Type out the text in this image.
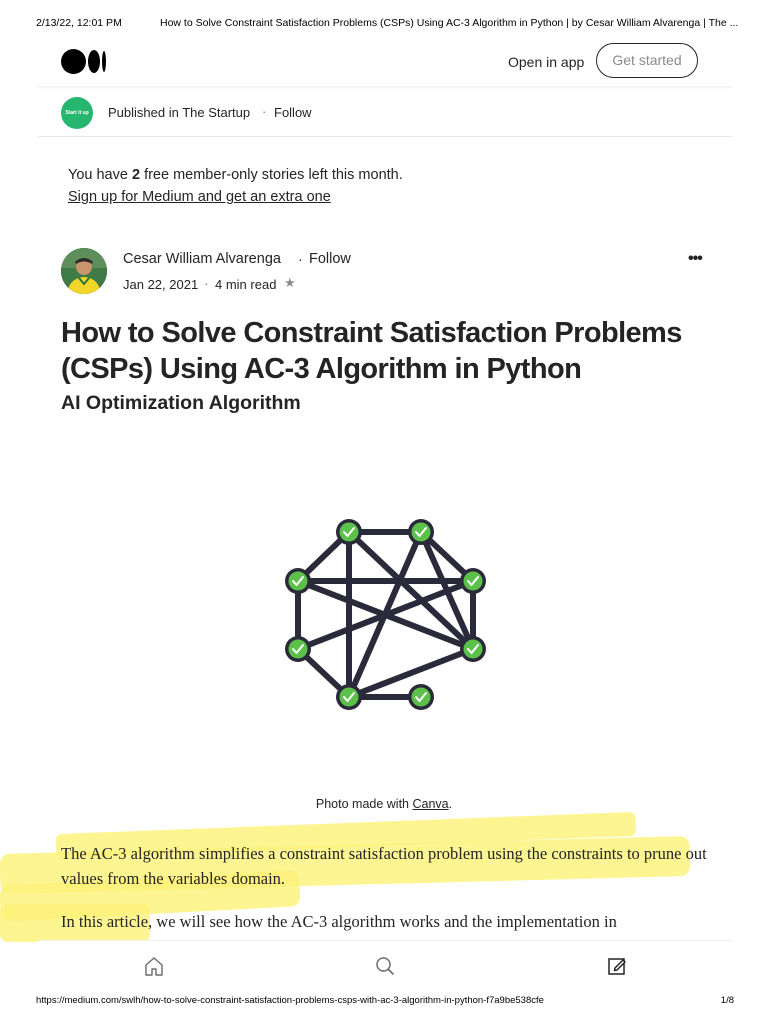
2/13/22, 12:01 PM	How to Solve Constraint Satisfaction Problems (CSPs) Using AC-3 Algorithm in Python | by Cesar William Alvarenga | The ...
Open in app	Get started
Start it up	Published in The Startup · Follow
You have 2 free member-only stories left this month.
Sign up for Medium and get an extra one
Cesar William Alvarenga · Follow
Jan 22, 2021 · 4 min read ★
•••
How to Solve Constraint Satisfaction Problems (CSPs) Using AC-3 Algorithm in Python
AI Optimization Algorithm
Photo made with Canva.

The AC-3 algorithm simplifies a constraint satisfaction problem using the constraints to prune out values from the variables domain.

In this article, we will see how the AC-3 algorithm works and the implementation in

https://medium.com/swlh/how-to-solve-constraint-satisfaction-problems-csps-with-ac-3-algorithm-in-python-f7a9be538cfe	1/8
